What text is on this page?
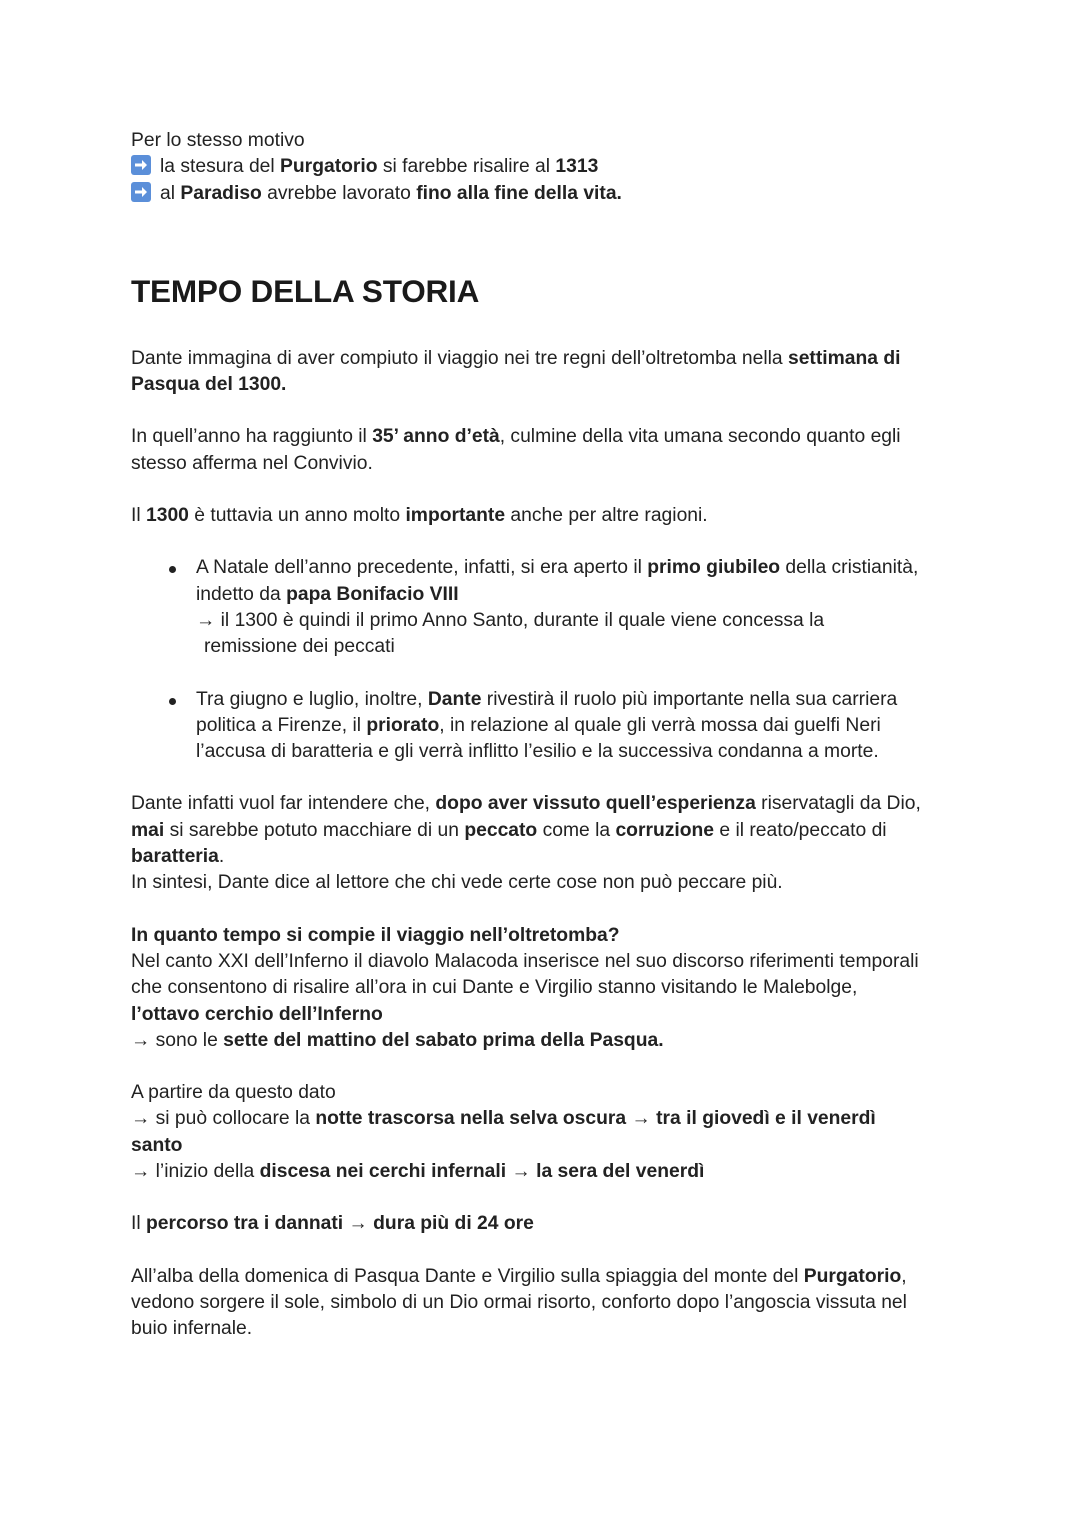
Per lo stesso motivo

la stesura del Purgatorio si farebbe risalire al 1313

al Paradiso avrebbe lavorato fino alla fine della vita.

TEMPO DELLA STORIA

Dante immagina di aver compiuto il viaggio nei tre regni dell’oltretomba nella settimana di

Pasqua del 1300.

In quell’anno ha raggiunto il 35’ anno d’età, culmine della vita umana secondo quanto egli

stesso afferma nel Convivio.

Il 1300 è tuttavia un anno molto importante anche per altre ragioni.

A Natale dell’anno precedente, infatti, si era aperto il primo giubileo della cristianità,

indetto da papa Bonifacio VIII

→ il 1300 è quindi il primo Anno Santo, durante il quale viene concessa la

remissione dei peccati

Tra giugno e luglio, inoltre, Dante rivestirà il ruolo più importante nella sua carriera

politica a Firenze, il priorato, in relazione al quale gli verrà mossa dai guelfi Neri

l’accusa di baratteria e gli verrà inflitto l’esilio e la successiva condanna a morte.

Dante infatti vuol far intendere che, dopo aver vissuto quell’esperienza riservatagli da Dio,

mai si sarebbe potuto macchiare di un peccato come la corruzione e il reato/peccato di

baratteria.

In sintesi, Dante dice al lettore che chi vede certe cose non può peccare più.

In quanto tempo si compie il viaggio nell’oltretomba?

Nel canto XXI dell’Inferno il diavolo Malacoda inserisce nel suo discorso riferimenti temporali

che consentono di risalire all’ora in cui Dante e Virgilio stanno visitando le Malebolge,

l’ottavo cerchio dell’Inferno

→ sono le sette del mattino del sabato prima della Pasqua.

A partire da questo dato

→ si può collocare la notte trascorsa nella selva oscura → tra il giovedì e il venerdì

santo

→ l’inizio della discesa nei cerchi infernali → la sera del venerdì

Il percorso tra i dannati → dura più di 24 ore

All’alba della domenica di Pasqua Dante e Virgilio sulla spiaggia del monte del Purgatorio,

vedono sorgere il sole, simbolo di un Dio ormai risorto, conforto dopo l’angoscia vissuta nel

buio infernale.
